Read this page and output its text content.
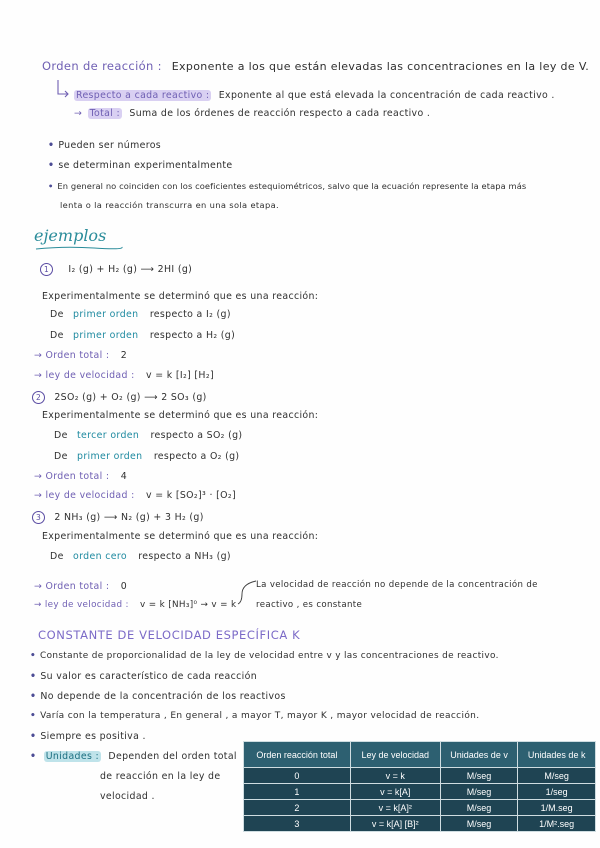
Orden de reacción : Exponente a los que están elevadas las concentraciones en la ley de V.
Respecto a cada reactivo : Exponente al que está elevada la concentración de cada reactivo .
→ Total : Suma de los órdenes de reacción respecto a cada reactivo .
• Pueden ser números
• se determinan experimentalmente
• En general no coinciden con los coeficientes estequiométricos, salvo que la ecuación represente la etapa más
lenta o la reacción transcurra en una sola etapa.
ejemplos
1 I₂ (g) + H₂ (g) ⟶ 2HI (g)
Experimentalmente se determinó que es una reacción:
De primer orden respecto a I₂ (g)
De primer orden respecto a H₂ (g)
→ Orden total : 2
→ ley de velocidad : v = k [I₂] [H₂]
2 2SO₂ (g) + O₂ (g) ⟶ 2 SO₃ (g)
Experimentalmente se determinó que es una reacción:
De tercer orden respecto a SO₂ (g)
De primer orden respecto a O₂ (g)
→ Orden total : 4
→ ley de velocidad : v = k [SO₂]³ · [O₂]
3 2 NH₃ (g) ⟶ N₂ (g) + 3 H₂ (g)
Experimentalmente se determinó que es una reacción:
De orden cero respecto a NH₃ (g)
→ Orden total : 0
→ ley de velocidad : v = k [NH₃]⁰ → v = k
La velocidad de reacción no depende de la concentración de
reactivo , es constante
CONSTANTE DE VELOCIDAD ESPECÍFICA K
• Constante de proporcionalidad de la ley de velocidad entre v y las concentraciones de reactivo.
• Su valor es característico de cada reacción
• No depende de la concentración de los reactivos
• Varía con la temperatura , En general , a mayor T, mayor K , mayor velocidad de reacción.
• Siempre es positiva .
• Unidades : Dependen del orden total
de reacción en la ley de
velocidad .
Orden reacción total	Ley de velocidad	Unidades de v	Unidades de k
0	v = k	M/seg	M/seg
1	v = k[A]	M/seg	1/seg
2	v = k[A]²	M/seg	1/M.seg
3	v = k[A] [B]²	M/seg	1/M².seg
